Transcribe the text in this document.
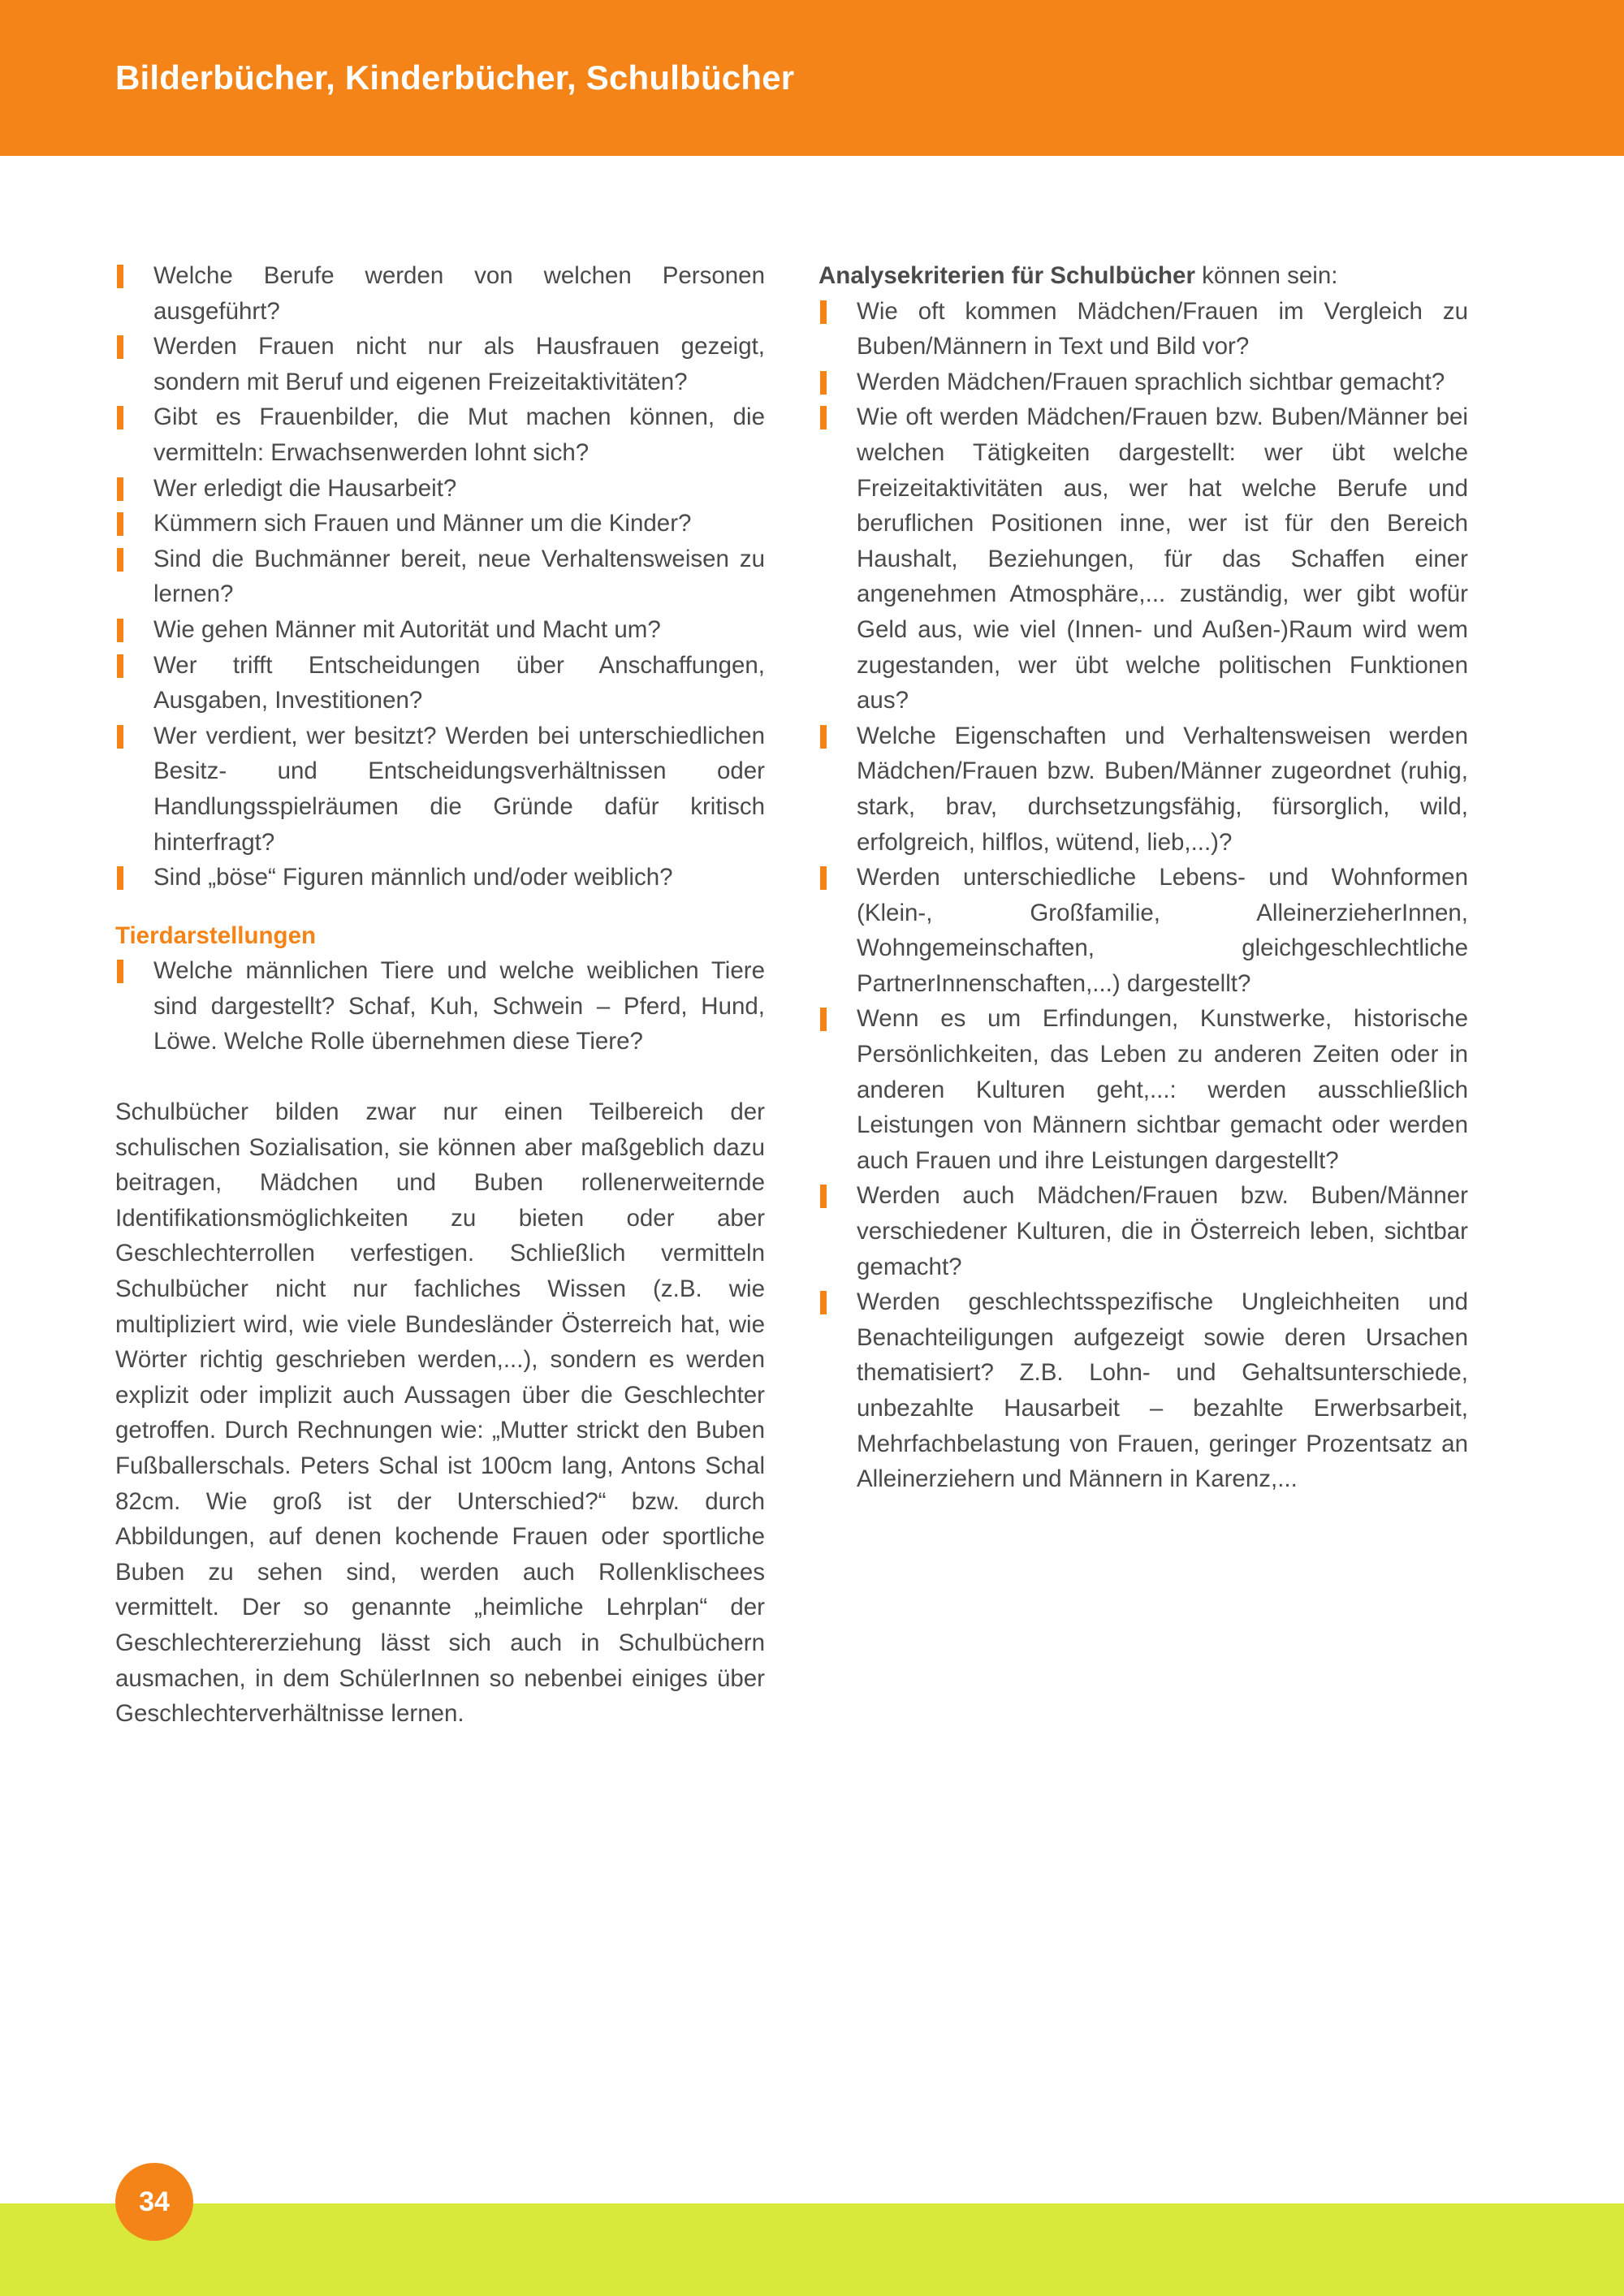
Bilderbücher, Kinderbücher, Schulbücher
Welche Berufe werden von welchen Personen ausgeführt?
Werden Frauen nicht nur als Hausfrauen gezeigt, sondern mit Beruf und eigenen Freizeitaktivitäten?
Gibt es Frauenbilder, die Mut machen können, die vermitteln: Erwachsenwerden lohnt sich?
Wer erledigt die Hausarbeit?
Kümmern sich Frauen und Männer um die Kinder?
Sind die Buchmänner bereit, neue Verhaltensweisen zu lernen?
Wie gehen Männer mit Autorität und Macht um?
Wer trifft Entscheidungen über Anschaffungen, Ausgaben, Investitionen?
Wer verdient, wer besitzt? Werden bei unterschiedlichen Besitz- und Entscheidungsverhältnissen oder Handlungsspielräumen die Gründe dafür kritisch hinterfragt?
Sind „böse“ Figuren männlich und/oder weiblich?
Tierdarstellungen
Welche männlichen Tiere und welche weiblichen Tiere sind dargestellt? Schaf, Kuh, Schwein – Pferd, Hund, Löwe. Welche Rolle übernehmen diese Tiere?

Schulbücher bilden zwar nur einen Teilbereich der schulischen Sozialisation, sie können aber maßgeblich dazu beitragen, Mädchen und Buben rollenerweiternde Identifikationsmöglichkeiten zu bieten oder aber Geschlechterrollen verfestigen. Schließlich vermitteln Schulbücher nicht nur fachliches Wissen (z.B. wie multipliziert wird, wie viele Bundesländer Österreich hat, wie Wörter richtig geschrieben werden,...), sondern es werden explizit oder implizit auch Aussagen über die Geschlechter getroffen. Durch Rechnungen wie: „Mutter strickt den Buben Fußballerschals. Peters Schal ist 100cm lang, Antons Schal 82cm. Wie groß ist der Unterschied?“ bzw. durch Abbildungen, auf denen kochende Frauen oder sportliche Buben zu sehen sind, werden auch Rollenklischees vermittelt. Der so genannte „heimliche Lehrplan“ der Geschlechtererziehung lässt sich auch in Schulbüchern ausmachen, in dem SchülerInnen so nebenbei einiges über Geschlechterverhältnisse lernen.

Analysekriterien für Schulbücher können sein:
Wie oft kommen Mädchen/Frauen im Vergleich zu Buben/Männern in Text und Bild vor?
Werden Mädchen/Frauen sprachlich sichtbar gemacht?
Wie oft werden Mädchen/Frauen bzw. Buben/Männer bei welchen Tätigkeiten dargestellt: wer übt welche Freizeitaktivitäten aus, wer hat welche Berufe und beruflichen Positionen inne, wer ist für den Bereich Haushalt, Beziehungen, für das Schaffen einer angenehmen Atmosphäre,... zuständig, wer gibt wofür Geld aus, wie viel (Innen- und Außen-)Raum wird wem zugestanden, wer übt welche politischen Funktionen aus?
Welche Eigenschaften und Verhaltensweisen werden Mädchen/Frauen bzw. Buben/Männer zugeordnet (ruhig, stark, brav, durchsetzungsfähig, fürsorglich, wild, erfolgreich, hilflos, wütend, lieb,...)?
Werden unterschiedliche Lebens- und Wohnformen (Klein-, Großfamilie, AlleinerzieherInnen, Wohngemeinschaften, gleichgeschlechtliche PartnerInnenschaften,...) dargestellt?
Wenn es um Erfindungen, Kunstwerke, historische Persönlichkeiten, das Leben zu anderen Zeiten oder in anderen Kulturen geht,...: werden ausschließlich Leistungen von Männern sichtbar gemacht oder werden auch Frauen und ihre Leistungen dargestellt?
Werden auch Mädchen/Frauen bzw. Buben/Männer verschiedener Kulturen, die in Österreich leben, sichtbar gemacht?
Werden geschlechtsspezifische Ungleichheiten und Benachteiligungen aufgezeigt sowie deren Ursachen thematisiert? Z.B. Lohn- und Gehaltsunterschiede, unbezahlte Hausarbeit – bezahlte Erwerbsarbeit, Mehrfachbelastung von Frauen, geringer Prozentsatz an Alleinerziehern und Männern in Karenz,...
34
